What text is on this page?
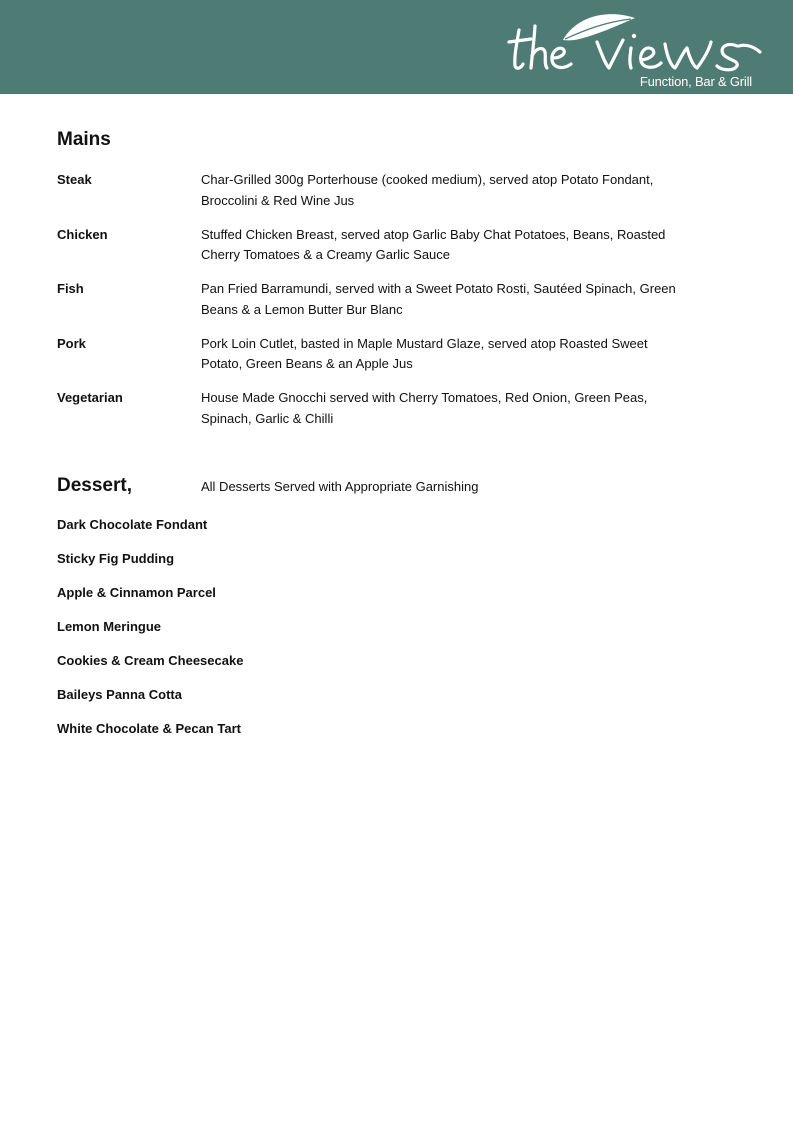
Function, Bar & Grill
Mains
Steak	Char-Grilled 300g Porterhouse (cooked medium), served atop Potato Fondant,
Broccolini & Red Wine Jus
Chicken	Stuffed Chicken Breast, served atop Garlic Baby Chat Potatoes, Beans, Roasted
Cherry Tomatoes & a Creamy Garlic Sauce
Fish	Pan Fried Barramundi, served with a Sweet Potato Rosti, Sautéed Spinach, Green
Beans & a Lemon Butter Bur Blanc
Pork	Pork Loin Cutlet, basted in Maple Mustard Glaze, served atop Roasted Sweet
Potato, Green Beans & an Apple Jus
Vegetarian	House Made Gnocchi served with Cherry Tomatoes, Red Onion, Green Peas,
Spinach, Garlic & Chilli
Dessert,	All Desserts Served with Appropriate Garnishing
Dark Chocolate Fondant
Sticky Fig Pudding
Apple & Cinnamon Parcel
Lemon Meringue
Cookies & Cream Cheesecake
Baileys Panna Cotta
White Chocolate & Pecan Tart
